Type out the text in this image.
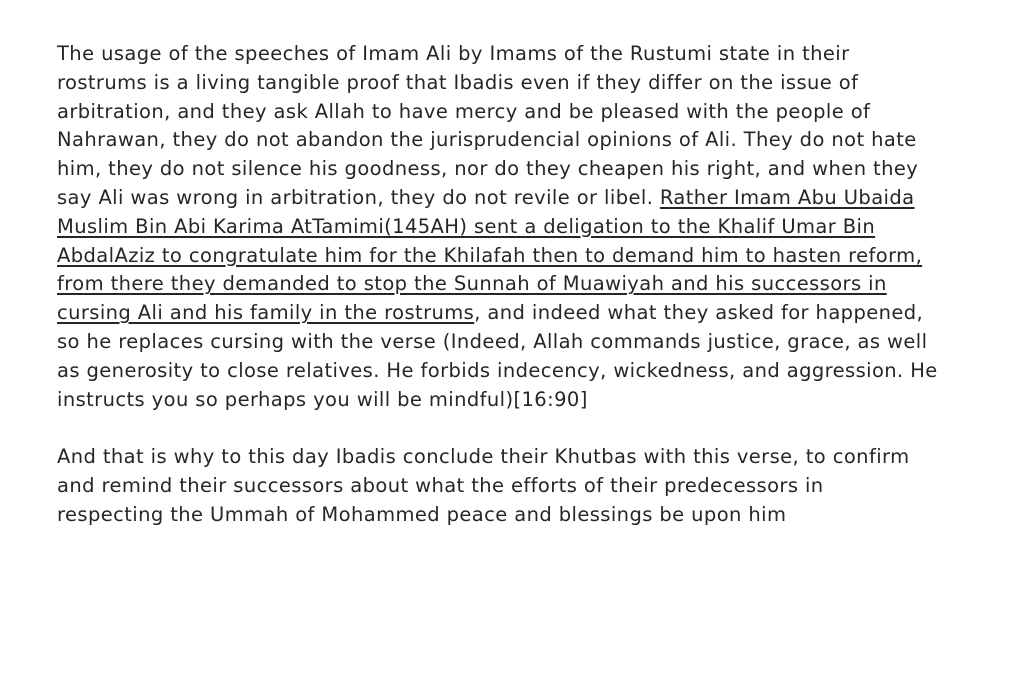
The usage of the speeches of Imam Ali by Imams of the Rustumi state in their
rostrums is a living tangible proof that Ibadis even if they differ on the issue of
arbitration, and they ask Allah to have mercy and be pleased with the people of
Nahrawan, they do not abandon the jurisprudencial opinions of Ali. They do not hate
him, they do not silence his goodness, nor do they cheapen his right, and when they
say Ali was wrong in arbitration, they do not revile or libel. Rather Imam Abu Ubaida
Muslim Bin Abi Karima AtTamimi(145AH) sent a deligation to the Khalif Umar Bin
AbdalAziz to congratulate him for the Khilafah then to demand him to hasten reform,
from there they demanded to stop the Sunnah of Muawiyah and his successors in
cursing Ali and his family in the rostrums, and indeed what they asked for happened,
so he replaces cursing with the verse (Indeed, Allah commands justice, grace, as well
as generosity to close relatives. He forbids indecency, wickedness, and aggression. He
instructs you so perhaps you will be mindful)[16:90]
And that is why to this day Ibadis conclude their Khutbas with this verse, to confirm
and remind their successors about what the efforts of their predecessors in
respecting the Ummah of Mohammed peace and blessings be upon him
